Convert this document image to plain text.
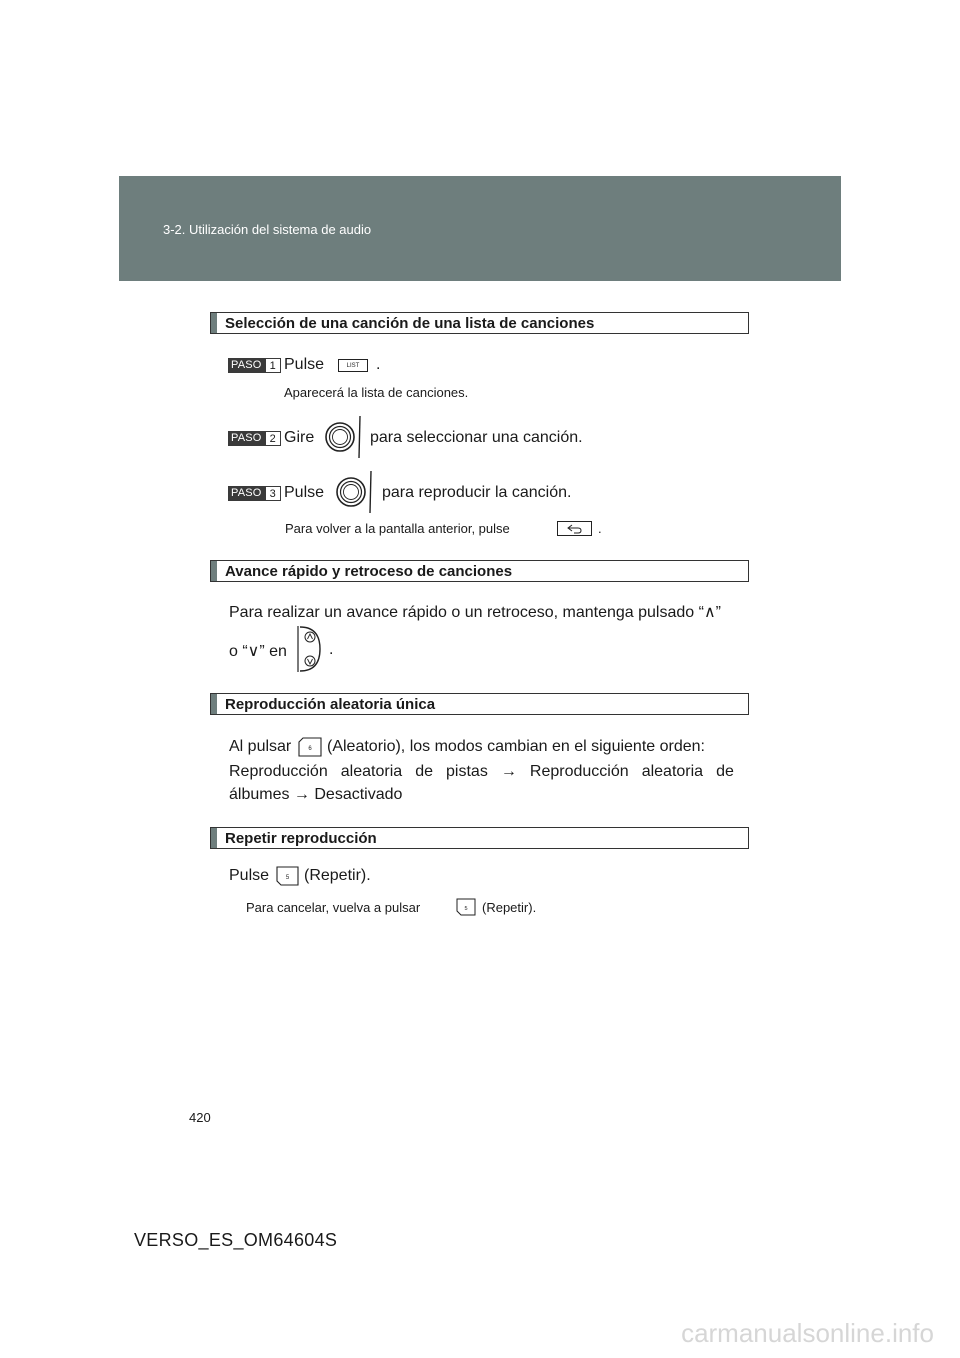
3-2. Utilización del sistema de audio
Selección de una canción de una lista de canciones
PASO 1 Pulse	LIST .
Aparecerá la lista de canciones.
PASO 2 Gire	para seleccionar una canción.
PASO 3 Pulse	para reproducir la canción.
Para volver a la pantalla anterior, pulse	.
Avance rápido y retroceso de canciones
Para realizar un avance rápido o un retroceso, mantenga pulsado “∧”
o “∨” en	.
Reproducción aleatoria única
Al pulsar	6 (Aleatorio), los modos cambian en el siguiente orden:
Reproducción aleatoria de pistas → Reproducción aleatoria de
álbumes → Desactivado
Repetir reproducción
Pulse	5 (Repetir).
Para cancelar, vuelva a pulsar	5 (Repetir).
420
VERSO_ES_OM64604S
carmanualsonline.info
